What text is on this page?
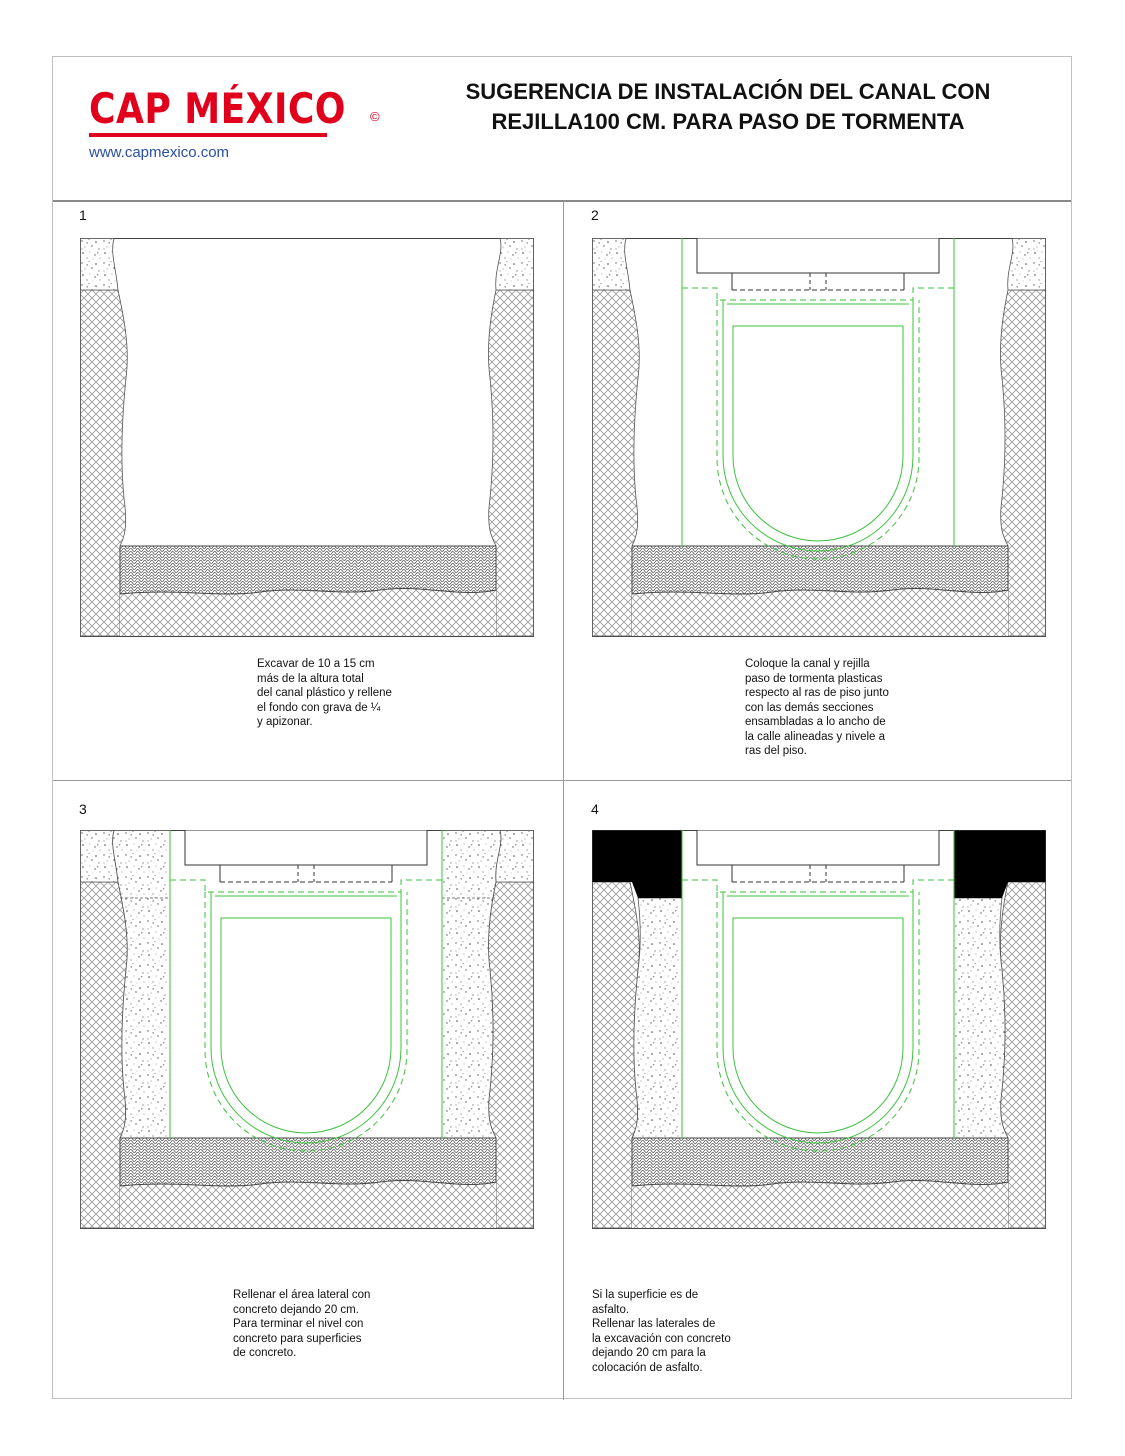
CAP MÉXICO ©
www.capmexico.com
SUGERENCIA DE INSTALACIÓN DEL CANAL CON
REJILLA100 CM. PARA PASO DE TORMENTA
1	2
3	4
Excavar de 10 a 15 cm
más de la altura total
del canal plástico y rellene
el fondo con grava de ¼
y apizonar.
Coloque la canal y rejilla
paso de tormenta plasticas
respecto al ras de piso junto
con las demás secciones
ensambladas a lo ancho de
la calle alineadas y nivele a
ras del piso.
Rellenar el área lateral con
concreto dejando 20 cm.
Para terminar el nivel con
concreto para superficies
de concreto.
Si la superficie es de
asfalto.
Rellenar las laterales de
la excavación con concreto
dejando 20 cm para la
colocación de asfalto.
